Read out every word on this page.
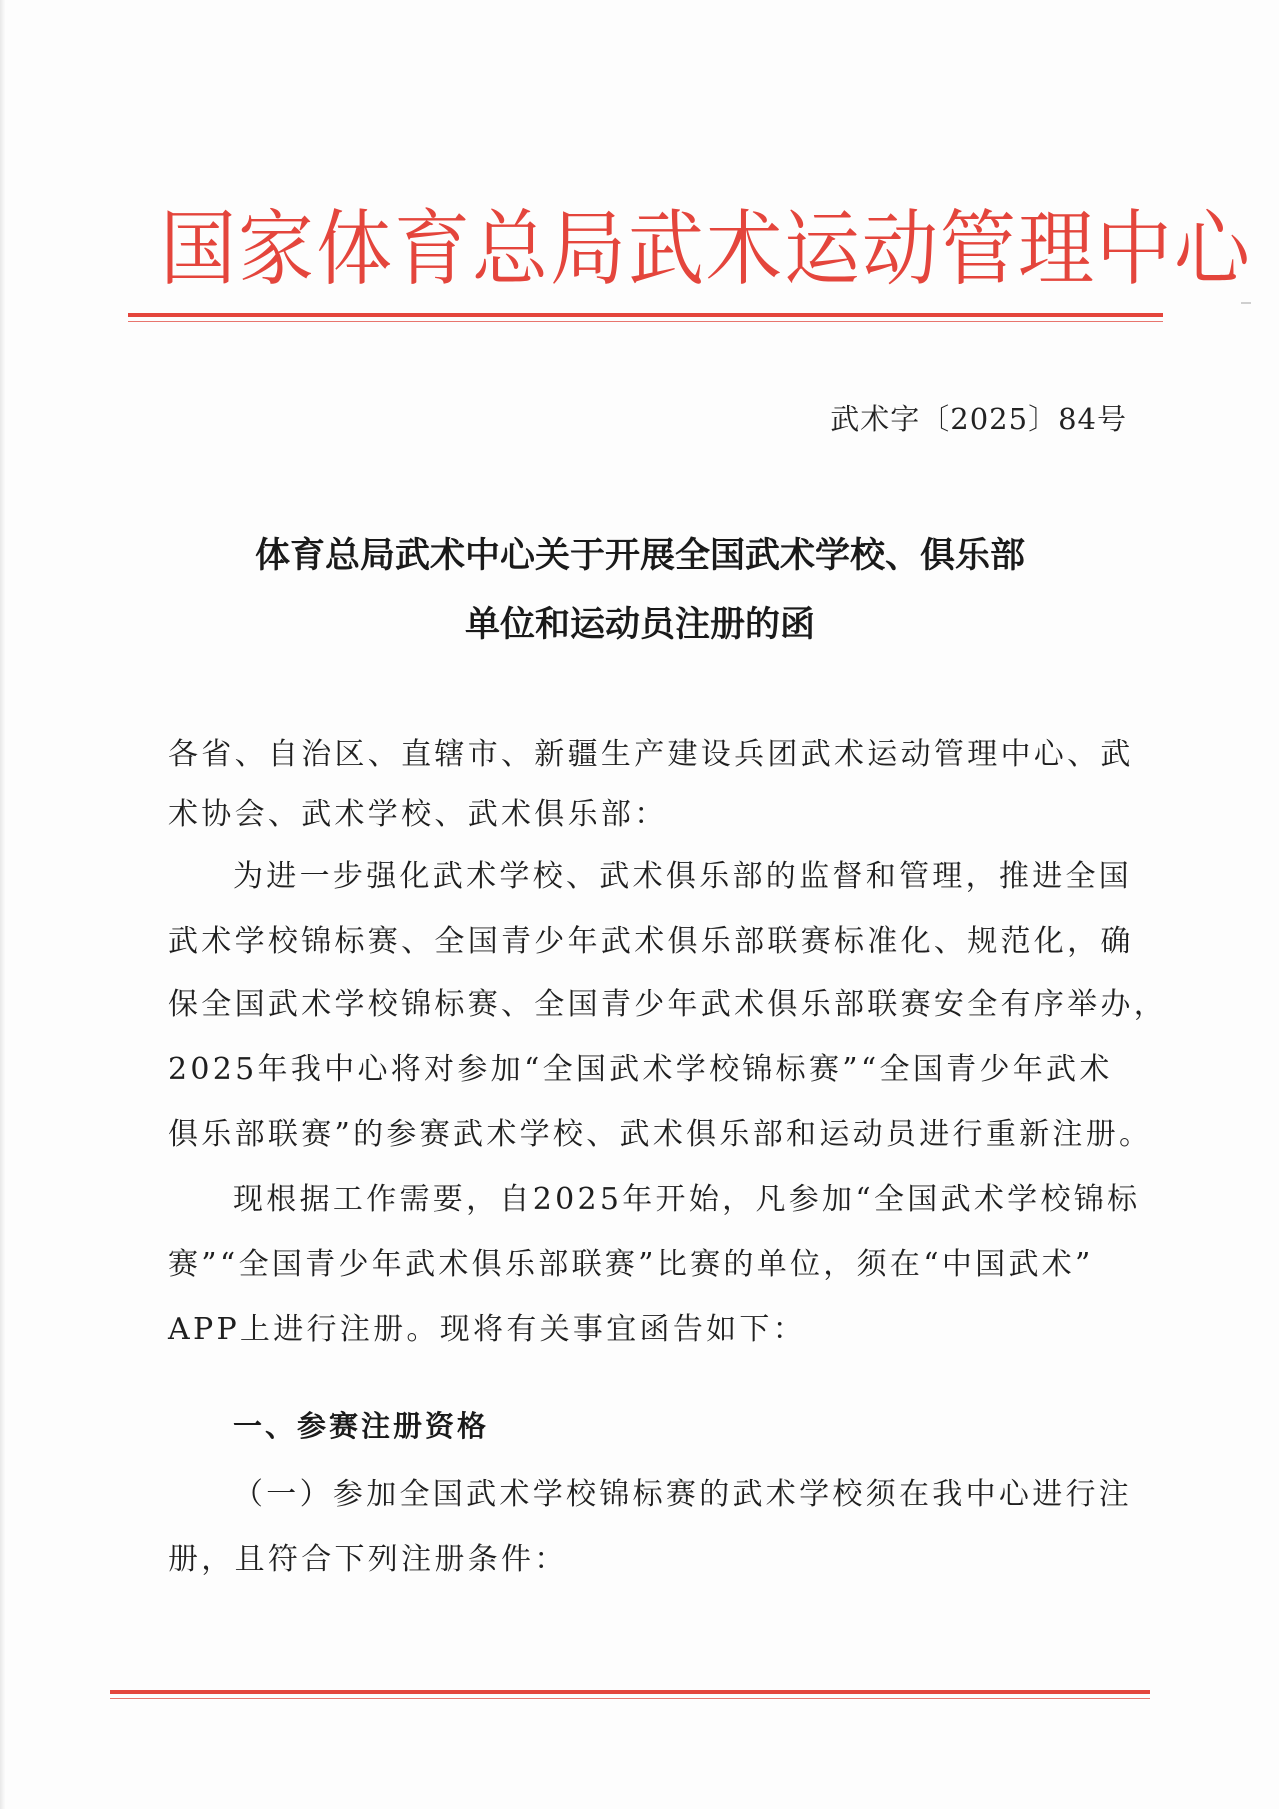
国家体育总局武术运动管理中心
武术字〔2025〕84号
体育总局武术中心关于开展全国武术学校、俱乐部
单位和运动员注册的函
各省、自治区、直辖市、新疆生产建设兵团武术运动管理中心、武
术协会、武术学校、武术俱乐部：
为进一步强化武术学校、武术俱乐部的监督和管理，推进全国
武术学校锦标赛、全国青少年武术俱乐部联赛标准化、规范化，确
保全国武术学校锦标赛、全国青少年武术俱乐部联赛安全有序举办，
2025年我中心将对参加“全国武术学校锦标赛”“全国青少年武术
俱乐部联赛”的参赛武术学校、武术俱乐部和运动员进行重新注册。
现根据工作需要，自2025年开始，凡参加“全国武术学校锦标
赛”“全国青少年武术俱乐部联赛”比赛的单位，须在“中国武术”
APP上进行注册。现将有关事宜函告如下：
一、参赛注册资格
（一）参加全国武术学校锦标赛的武术学校须在我中心进行注
册，且符合下列注册条件：
